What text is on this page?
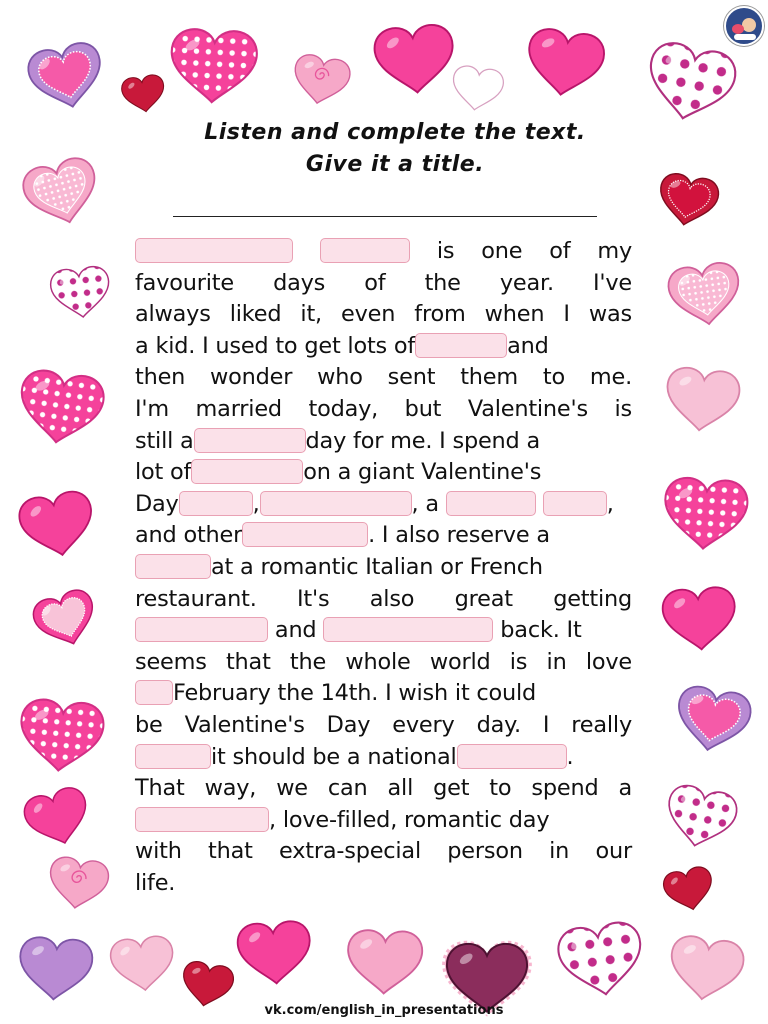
Listen and complete the text.
Give it a title.
is one of my
favourite days of the year. I've
always liked it, even from when I was
a kid. I used to get lots of	and
then wonder who sent them to me.
I'm married today, but Valentine's is
still a	day for me. I spend a
lot of	on a giant Valentine's
Day	,	, a	,
and other	. I also reserve a
at a romantic Italian or French
restaurant. It's also great getting
and	back. It
seems that the whole world is in love
February the 14th. I wish it could
be Valentine's Day every day. I really
it should be a national	.
That way, we can all get to spend a
, love-filled, romantic day
with that extra-special person in our
life.
vk.com/english_in_presentations
